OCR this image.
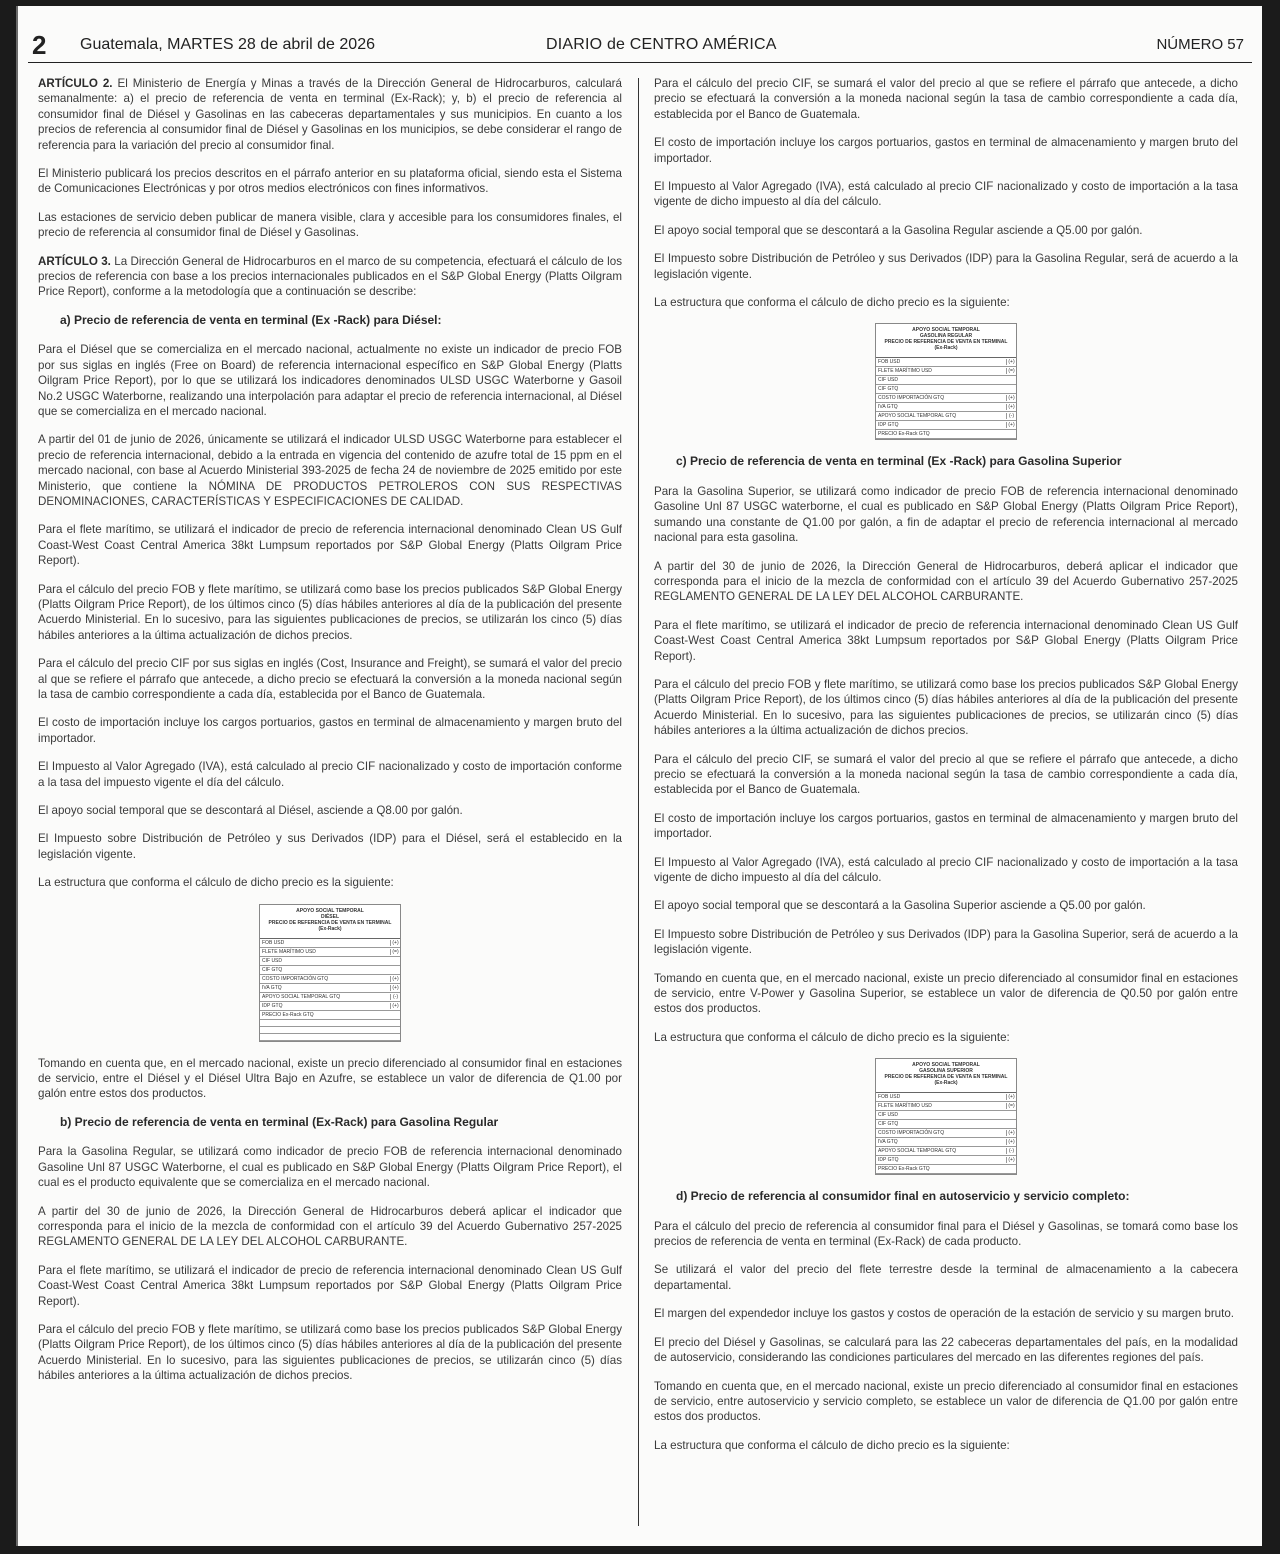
2 Guatemala, MARTES 28 de abril de 2026	DIARIO de CENTRO AMÉRICA	NÚMERO 57

ARTÍCULO 2. El Ministerio de Energía y Minas a través de la Dirección General de Hidrocarburos, calculará semanalmente: a) el precio de referencia de venta en terminal (Ex-Rack); y, b) el precio de referencia al consumidor final de Diésel y Gasolinas en las cabeceras departamentales y sus municipios. En cuanto a los precios de referencia al consumidor final de Diésel y Gasolinas en los municipios, se debe considerar el rango de referencia para la variación del precio al consumidor final.

El Ministerio publicará los precios descritos en el párrafo anterior en su plataforma oficial, siendo esta el Sistema de Comunicaciones Electrónicas y por otros medios electrónicos con fines informativos.

Las estaciones de servicio deben publicar de manera visible, clara y accesible para los consumidores finales, el precio de referencia al consumidor final de Diésel y Gasolinas.

ARTÍCULO 3. La Dirección General de Hidrocarburos en el marco de su competencia, efectuará el cálculo de los precios de referencia con base a los precios internacionales publicados en el S&P Global Energy (Platts Oilgram Price Report), conforme a la metodología que a continuación se describe:

a) Precio de referencia de venta en terminal (Ex -Rack) para Diésel:

Para el Diésel que se comercializa en el mercado nacional, actualmente no existe un indicador de precio FOB por sus siglas en inglés (Free on Board) de referencia internacional específico en S&P Global Energy (Platts Oilgram Price Report), por lo que se utilizará los indicadores denominados ULSD USGC Waterborne y Gasoil No.2 USGC Waterborne, realizando una interpolación para adaptar el precio de referencia internacional, al Diésel que se comercializa en el mercado nacional.

A partir del 01 de junio de 2026, únicamente se utilizará el indicador ULSD USGC Waterborne para establecer el precio de referencia internacional, debido a la entrada en vigencia del contenido de azufre total de 15 ppm en el mercado nacional, con base al Acuerdo Ministerial 393-2025 de fecha 24 de noviembre de 2025 emitido por este Ministerio, que contiene la NÓMINA DE PRODUCTOS PETROLEROS CON SUS RESPECTIVAS DENOMINACIONES, CARACTERÍSTICAS Y ESPECIFICACIONES DE CALIDAD.

Para el flete marítimo, se utilizará el indicador de precio de referencia internacional denominado Clean US Gulf Coast-West Coast Central America 38kt Lumpsum reportados por S&P Global Energy (Platts Oilgram Price Report).

Para el cálculo del precio FOB y flete marítimo, se utilizará como base los precios publicados S&P Global Energy (Platts Oilgram Price Report), de los últimos cinco (5) días hábiles anteriores al día de la publicación del presente Acuerdo Ministerial. En lo sucesivo, para las siguientes publicaciones de precios, se utilizarán los cinco (5) días hábiles anteriores a la última actualización de dichos precios.

Para el cálculo del precio CIF por sus siglas en inglés (Cost, Insurance and Freight), se sumará el valor del precio al que se refiere el párrafo que antecede, a dicho precio se efectuará la conversión a la moneda nacional según la tasa de cambio correspondiente a cada día, establecida por el Banco de Guatemala.

El costo de importación incluye los cargos portuarios, gastos en terminal de almacenamiento y margen bruto del importador.

El Impuesto al Valor Agregado (IVA), está calculado al precio CIF nacionalizado y costo de importación conforme a la tasa del impuesto vigente el día del cálculo.

El apoyo social temporal que se descontará al Diésel, asciende a Q8.00 por galón.

El Impuesto sobre Distribución de Petróleo y sus Derivados (IDP) para el Diésel, será el establecido en la legislación vigente.

La estructura que conforma el cálculo de dicho precio es la siguiente:

APOYO SOCIAL TEMPORAL
DIÉSEL
PRECIO DE REFERENCIA DE VENTA EN TERMINAL
(Ex-Rack)
FOB USD	(+)
FLETE MARÍTIMO USD	(=)
CIF USD
CIF GTQ
COSTO IMPORTACIÓN GTQ	(+)
IVA GTQ	(+)
APOYO SOCIAL TEMPORAL GTQ	(-)
IDP GTQ	(+)
PRECIO Ex-Rack GTQ

Tomando en cuenta que, en el mercado nacional, existe un precio diferenciado al consumidor final en estaciones de servicio, entre el Diésel y el Diésel Ultra Bajo en Azufre, se establece un valor de diferencia de Q1.00 por galón entre estos dos productos.

b) Precio de referencia de venta en terminal (Ex-Rack) para Gasolina Regular

Para la Gasolina Regular, se utilizará como indicador de precio FOB de referencia internacional denominado Gasoline Unl 87 USGC Waterborne, el cual es publicado en S&P Global Energy (Platts Oilgram Price Report), el cual es el producto equivalente que se comercializa en el mercado nacional.

A partir del 30 de junio de 2026, la Dirección General de Hidrocarburos deberá aplicar el indicador que corresponda para el inicio de la mezcla de conformidad con el artículo 39 del Acuerdo Gubernativo 257-2025 REGLAMENTO GENERAL DE LA LEY DEL ALCOHOL CARBURANTE.

Para el flete marítimo, se utilizará el indicador de precio de referencia internacional denominado Clean US Gulf Coast-West Coast Central America 38kt Lumpsum reportados por S&P Global Energy (Platts Oilgram Price Report).

Para el cálculo del precio FOB y flete marítimo, se utilizará como base los precios publicados S&P Global Energy (Platts Oilgram Price Report), de los últimos cinco (5) días hábiles anteriores al día de la publicación del presente Acuerdo Ministerial. En lo sucesivo, para las siguientes publicaciones de precios, se utilizarán cinco (5) días hábiles anteriores a la última actualización de dichos precios.

Para el cálculo del precio CIF, se sumará el valor del precio al que se refiere el párrafo que antecede, a dicho precio se efectuará la conversión a la moneda nacional según la tasa de cambio correspondiente a cada día, establecida por el Banco de Guatemala.

El costo de importación incluye los cargos portuarios, gastos en terminal de almacenamiento y margen bruto del importador.

El Impuesto al Valor Agregado (IVA), está calculado al precio CIF nacionalizado y costo de importación a la tasa vigente de dicho impuesto al día del cálculo.

El apoyo social temporal que se descontará a la Gasolina Regular asciende a Q5.00 por galón.

El Impuesto sobre Distribución de Petróleo y sus Derivados (IDP) para la Gasolina Regular, será de acuerdo a la legislación vigente.

La estructura que conforma el cálculo de dicho precio es la siguiente:

APOYO SOCIAL TEMPORAL
GASOLINA REGULAR
PRECIO DE REFERENCIA DE VENTA EN TERMINAL
(Ex-Rack)
FOB USD	(+)
FLETE MARÍTIMO USD	(=)
CIF USD
CIF GTQ
COSTO IMPORTACIÓN GTQ	(+)
IVA GTQ	(+)
APOYO SOCIAL TEMPORAL GTQ	(-)
IDP GTQ	(+)
PRECIO Ex-Rack GTQ

c) Precio de referencia de venta en terminal (Ex -Rack) para Gasolina Superior

Para la Gasolina Superior, se utilizará como indicador de precio FOB de referencia internacional denominado Gasoline Unl 87 USGC waterborne, el cual es publicado en S&P Global Energy (Platts Oilgram Price Report), sumando una constante de Q1.00 por galón, a fin de adaptar el precio de referencia internacional al mercado nacional para esta gasolina.

A partir del 30 de junio de 2026, la Dirección General de Hidrocarburos, deberá aplicar el indicador que corresponda para el inicio de la mezcla de conformidad con el artículo 39 del Acuerdo Gubernativo 257-2025 REGLAMENTO GENERAL DE LA LEY DEL ALCOHOL CARBURANTE.

Para el flete marítimo, se utilizará el indicador de precio de referencia internacional denominado Clean US Gulf Coast-West Coast Central America 38kt Lumpsum reportados por S&P Global Energy (Platts Oilgram Price Report).

Para el cálculo del precio FOB y flete marítimo, se utilizará como base los precios publicados S&P Global Energy (Platts Oilgram Price Report), de los últimos cinco (5) días hábiles anteriores al día de la publicación del presente Acuerdo Ministerial. En lo sucesivo, para las siguientes publicaciones de precios, se utilizarán cinco (5) días hábiles anteriores a la última actualización de dichos precios.

Para el cálculo del precio CIF, se sumará el valor del precio al que se refiere el párrafo que antecede, a dicho precio se efectuará la conversión a la moneda nacional según la tasa de cambio correspondiente a cada día, establecida por el Banco de Guatemala.

El costo de importación incluye los cargos portuarios, gastos en terminal de almacenamiento y margen bruto del importador.

El Impuesto al Valor Agregado (IVA), está calculado al precio CIF nacionalizado y costo de importación a la tasa vigente de dicho impuesto al día del cálculo.

El apoyo social temporal que se descontará a la Gasolina Superior asciende a Q5.00 por galón.

El Impuesto sobre Distribución de Petróleo y sus Derivados (IDP) para la Gasolina Superior, será de acuerdo a la legislación vigente.

Tomando en cuenta que, en el mercado nacional, existe un precio diferenciado al consumidor final en estaciones de servicio, entre V-Power y Gasolina Superior, se establece un valor de diferencia de Q0.50 por galón entre estos dos productos.

La estructura que conforma el cálculo de dicho precio es la siguiente:

APOYO SOCIAL TEMPORAL
GASOLINA SUPERIOR
PRECIO DE REFERENCIA DE VENTA EN TERMINAL
(Ex-Rack)
FOB USD	(+)
FLETE MARÍTIMO USD	(=)
CIF USD
CIF GTQ
COSTO IMPORTACIÓN GTQ	(+)
IVA GTQ	(+)
APOYO SOCIAL TEMPORAL GTQ	(-)
IDP GTQ	(+)
PRECIO Ex-Rack GTQ

d) Precio de referencia al consumidor final en autoservicio y servicio completo:

Para el cálculo del precio de referencia al consumidor final para el Diésel y Gasolinas, se tomará como base los precios de referencia de venta en terminal (Ex-Rack) de cada producto.

Se utilizará el valor del precio del flete terrestre desde la terminal de almacenamiento a la cabecera departamental.

El margen del expendedor incluye los gastos y costos de operación de la estación de servicio y su margen bruto.

El precio del Diésel y Gasolinas, se calculará para las 22 cabeceras departamentales del país, en la modalidad de autoservicio, considerando las condiciones particulares del mercado en las diferentes regiones del país.

Tomando en cuenta que, en el mercado nacional, existe un precio diferenciado al consumidor final en estaciones de servicio, entre autoservicio y servicio completo, se establece un valor de diferencia de Q1.00 por galón entre estos dos productos.

La estructura que conforma el cálculo de dicho precio es la siguiente:
